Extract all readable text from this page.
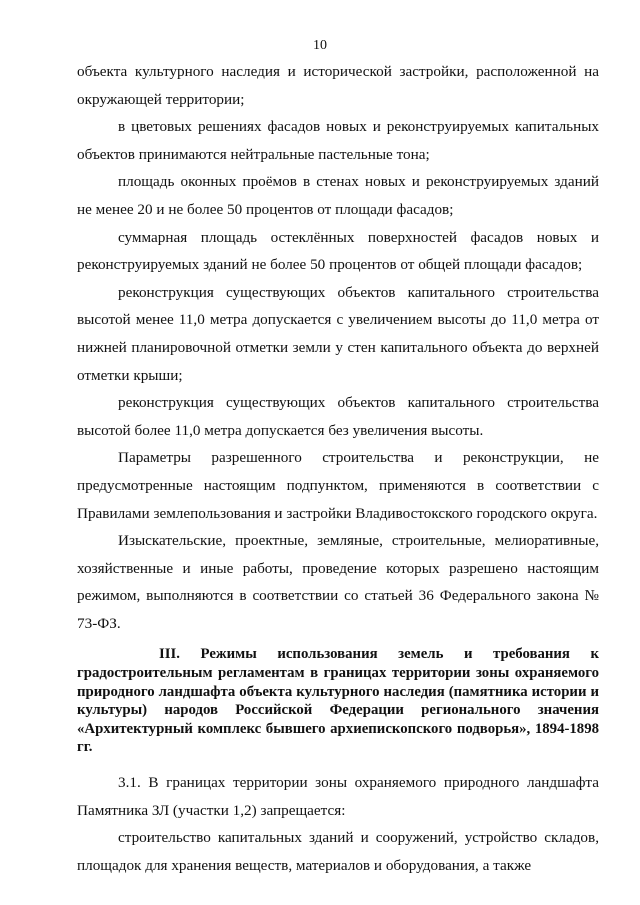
10

объекта культурного наследия и исторической застройки, расположенной на окружающей территории;

в цветовых решениях фасадов новых и реконструируемых капитальных объектов принимаются нейтральные пастельные тона;

площадь оконных проёмов в стенах новых и реконструируемых зданий не менее 20 и не более 50 процентов от площади фасадов;

суммарная площадь остеклённых поверхностей фасадов новых и реконструируемых зданий не более 50 процентов от общей площади фасадов;

реконструкция существующих объектов капитального строительства высотой менее 11,0 метра допускается с увеличением высоты до 11,0 метра от нижней планировочной отметки земли у стен капитального объекта до верхней отметки крыши;

реконструкция существующих объектов капитального строительства высотой более 11,0 метра допускается без увеличения высоты.

Параметры разрешенного строительства и реконструкции, не предусмотренные настоящим подпунктом, применяются в соответствии с Правилами землепользования и застройки Владивостокского городского округа.

Изыскательские, проектные, земляные, строительные, мелиоративные, хозяйственные и иные работы, проведение которых разрешено настоящим режимом, выполняются в соответствии со статьей 36 Федерального закона № 73-ФЗ.

III. Режимы использования земель и требования к градостроительным регламентам в границах территории зоны охраняемого природного ландшафта объекта культурного наследия (памятника истории и культуры) народов Российской Федерации регионального значения «Архитектурный комплекс бывшего архиепископского подворья», 1894-1898 гг.

3.1. В границах территории зоны охраняемого природного ландшафта Памятника ЗЛ (участки 1,2) запрещается:

строительство капитальных зданий и сооружений, устройство складов, площадок для хранения веществ, материалов и оборудования, а также
